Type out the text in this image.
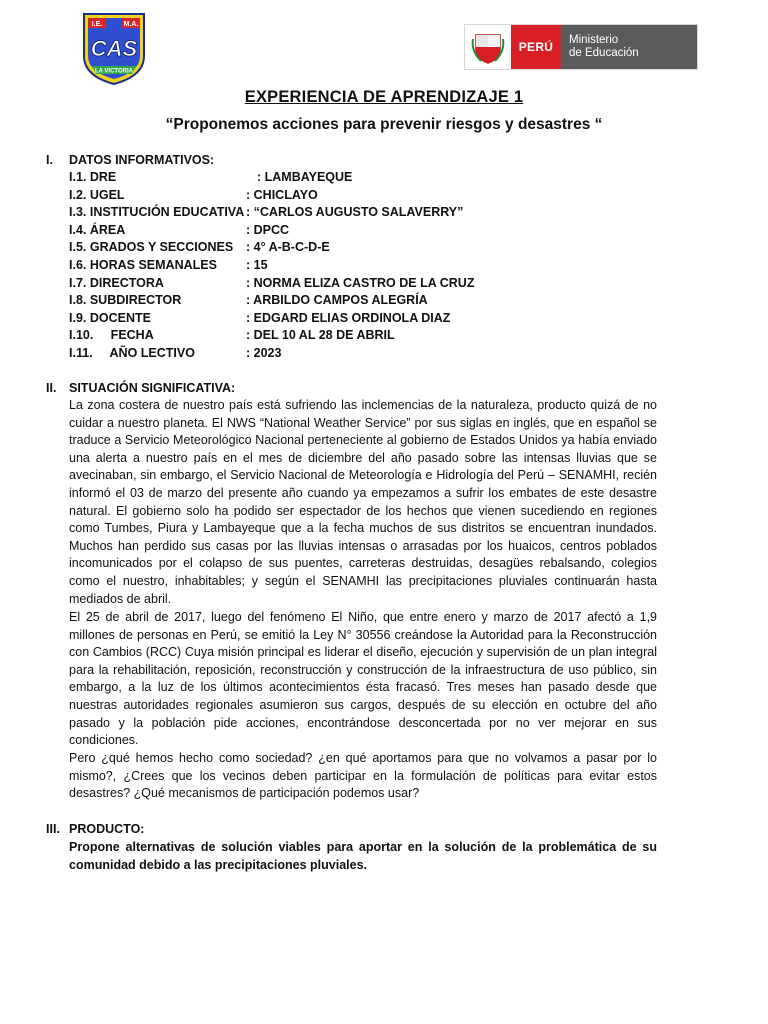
I.E.	M.A.
CAS
LA VICTORIA
PERÚ	Ministerio
de Educación
EXPERIENCIA DE APRENDIZAJE 1
“Proponemos acciones para prevenir riesgos y desastres “
I. DATOS INFORMATIVOS:
I.1. DRE	: LAMBAYEQUE
I.2. UGEL	: CHICLAYO
I.3. INSTITUCIÓN EDUCATIVA : “CARLOS AUGUSTO SALAVERRY”
I.4. ÁREA	: DPCC
I.5. GRADOS Y SECCIONES : 4° A-B-C-D-E
I.6. HORAS SEMANALES : 15
I.7. DIRECTORA	: NORMA ELIZA CASTRO DE LA CRUZ
I.8. SUBDIRECTOR	: ARBILDO CAMPOS ALEGRÍA
I.9. DOCENTE	: EDGARD ELIAS ORDINOLA DIAZ
I.10.     FECHA	: DEL 10 AL 28 DE ABRIL
I.11.     AÑO LECTIVO	: 2023
II. SITUACIÓN SIGNIFICATIVA:
La zona costera de nuestro país está sufriendo las inclemencias de la naturaleza, producto quizá de no cuidar a nuestro planeta. El NWS “National Weather Service” por sus siglas en inglés, que en español se traduce a Servicio Meteorológico Nacional perteneciente al gobierno de Estados Unidos ya había enviado una alerta a nuestro país en el mes de diciembre del año pasado sobre las intensas lluvias que se avecinaban, sin embargo, el Servicio Nacional de Meteorología e Hidrología del Perú – SENAMHI, recién informó el 03 de marzo del presente año cuando ya empezamos a sufrir los embates de este desastre natural. El gobierno solo ha podido ser espectador de los hechos que vienen sucediendo en regiones como Tumbes, Piura y Lambayeque que a la fecha muchos de sus distritos se encuentran inundados. Muchos han perdido sus casas por las lluvias intensas o arrasadas por los huaicos, centros poblados incomunicados por el colapso de sus puentes, carreteras destruidas, desagües rebalsando, colegios como el nuestro, inhabitables; y según el SENAMHI las precipitaciones pluviales continuarán hasta mediados de abril.
El 25 de abril de 2017, luego del fenómeno El Niño, que entre enero y marzo de 2017 afectó a 1,9 millones de personas en Perú, se emitió la Ley N° 30556 creándose la Autoridad para la Reconstrucción con Cambios (RCC) Cuya misión principal es liderar el diseño, ejecución y supervisión de un plan integral para la rehabilitación, reposición, reconstrucción y construcción de la infraestructura de uso público, sin embargo, a la luz de los últimos acontecimientos ésta fracasó. Tres meses han pasado desde que nuestras autoridades regionales asumieron sus cargos, después de su elección en octubre del año pasado y la población pide acciones, encontrándose desconcertada por no ver mejorar en sus condiciones.
Pero ¿qué hemos hecho como sociedad? ¿en qué aportamos para que no volvamos a pasar por lo mismo?, ¿Crees que los vecinos deben participar en la formulación de políticas para evitar estos desastres? ¿Qué mecanismos de participación podemos usar?
III. PRODUCTO:
Propone alternativas de solución viables para aportar en la solución de la problemática de su comunidad debido a las precipitaciones pluviales.
